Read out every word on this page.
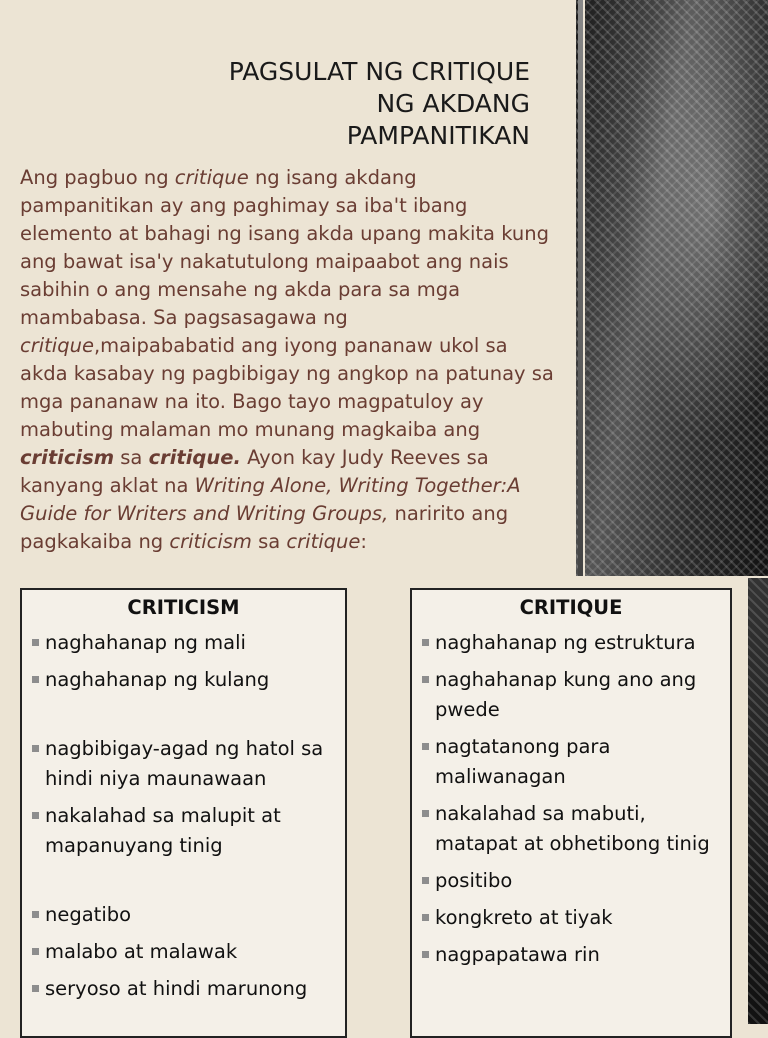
PAGSULAT NG CRITIQUE
NG AKDANG
PAMPANITIKAN

Ang pagbuo ng critique ng isang akdang pampanitikan ay ang paghimay sa iba't ibang elemento at bahagi ng isang akda upang makita kung ang bawat isa'y nakatutulong maipaabot ang nais sabihin o ang mensahe ng akda para sa mga mambabasa. Sa pagsasagawa ng critique,maipababatid ang iyong pananaw ukol sa akda kasabay ng pagbibigay ng angkop na patunay sa mga pananaw na ito. Bago tayo magpatuloy ay mabuting malaman mo munang magkaiba ang criticism sa critique. Ayon kay Judy Reeves sa kanyang aklat na Writing Alone, Writing Together:A Guide for Writers and Writing Groups, naririto ang pagkakaiba ng criticism sa critique:

CRITICISM
naghahanap ng mali
naghahanap ng kulang
nagbibigay-agad ng hatol sa hindi niya maunawaan
nakalahad sa malupit at mapanuyang tinig
negatibo
malabo at malawak
seryoso at hindi marunong
CRITIQUE
naghahanap ng estruktura
naghahanap kung ano ang pwede
nagtatanong para maliwanagan
nakalahad sa mabuti, matapat at obhetibong tinig
positibo
kongkreto at tiyak
nagpapatawa rin
